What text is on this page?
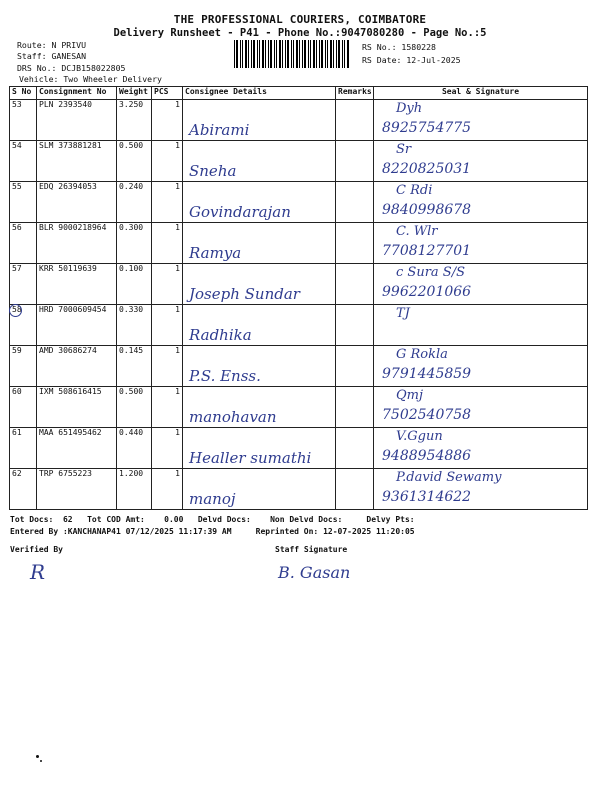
THE PROFESSIONAL COURIERS, COIMBATORE
Delivery Runsheet - P41 - Phone No.:9047080280 - Page No.:5
Route: N PRIVU
Staff: GANESAN
DRS No.: DCJB158022805
Vehicle: Two Wheeler Delivery
RS No.: 1580228
RS Date: 12-Jul-2025
S No	Consignment No	Weight	PCS	Consignee Details	Remarks	Seal & Signature
53	PLN 2393540	3.250	1	Abirami		Dyh
8925754775

54	SLM 373881281	0.500	1	Sneha		Sr
8220825031

55	EDQ 26394053	0.240	1	Govindarajan		C Rdi
9840998678

56	BLR 9000218964	0.300	1	Ramya		C. Wlr
7708127701

57	KRR 50119639	0.100	1	Joseph Sundar		c Sura S/S
9962201066

58	HRD 7000609454	0.330	1	Radhika		TJ

59	AMD 30686274	0.145	1	P.S. Enss.		G Rokla
9791445859

60	IXM 508616415	0.500	1	manohavan		Qmj
7502540758

61	MAA 651495462	0.440	1	Healler sumathi		V.Ggun
9488954886

62	TRP 6755223	1.200	1	manoj		P.david Sewamy
9361314622
Tot Docs:  62   Tot COD Amt:    0.00   Delvd Docs:    Non Delvd Docs:     Delvy Pts:
Entered By :KANCHANAP41 07/12/2025 11:17:39 AM     Reprinted On: 12-07-2025 11:20:05
Verified By	Staff Signature
R	B. Gasan
